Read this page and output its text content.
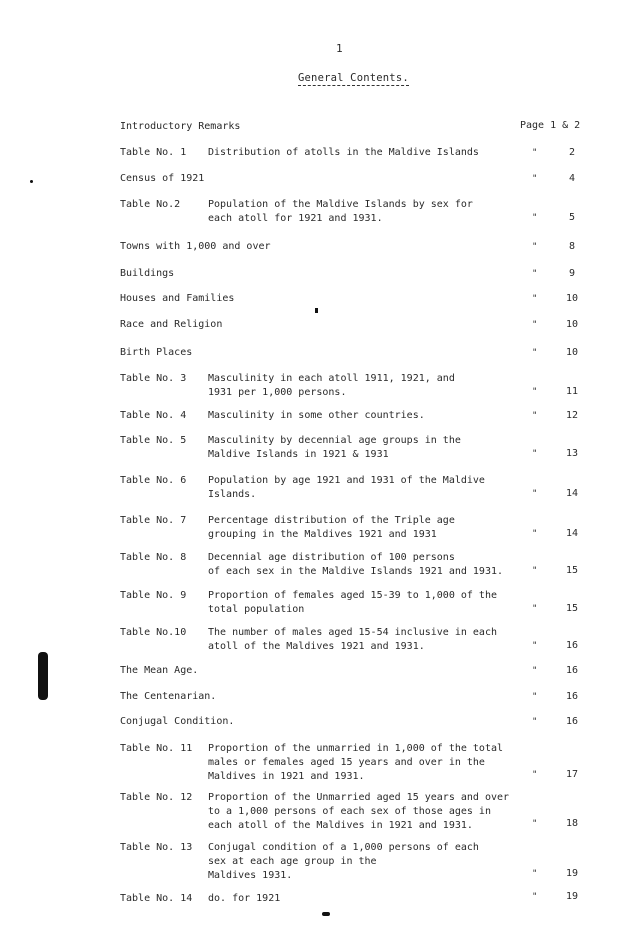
1
General Contents.
Introductory Remarks	Page 1 & 2
Table No. 1 Distribution of atolls in the Maldive Islands	"	2
Census of 1921	"	4
Table No.2	Population of the Maldive Islands by sex for
each atoll for 1921 and 1931.	"	5
Towns with 1,000 and over	"	8
Buildings	"	9
Houses and Families	"	10
Race and Religion	"	10
Birth Places	"	10
Table No. 3 Masculinity in each atoll 1911, 1921, and
1931 per 1,000 persons.	"	11
Table No. 4 Masculinity in some other countries.	"	12
Table No. 5 Masculinity by decennial age groups in the
Maldive Islands in 1921 & 1931	"	13
Table No. 6 Population by age 1921 and 1931 of the Maldive
Islands.	"	14
Table No. 7 Percentage distribution of the Triple age
grouping in the Maldives 1921 and 1931	"	14
Table No. 8 Decennial age distribution of 100 persons
of each sex in the Maldive Islands 1921 and 1931.	"	15
Table No. 9 Proportion of females aged 15-39 to 1,000 of the
total population	"	15
Table No.10 The number of males aged 15-54 inclusive in each
atoll of the Maldives 1921 and 1931.	"	16
The Mean Age.	"	16
The Centenarian.	"	16
Conjugal Condition.	"	16
Table No. 11 Proportion of the unmarried in 1,000 of the total
males or females aged 15 years and over in the
Maldives in 1921 and 1931.	"	17
Table No. 12 Proportion of the Unmarried aged 15 years and over
to a 1,000 persons of each sex of those ages in
each atoll of the Maldives in 1921 and 1931.	"	18
Table No. 13 Conjugal condition of a 1,000 persons of each
sex at each age group in the
Maldives 1931.	"	19
Table No. 14 do. for 1921	"	19
